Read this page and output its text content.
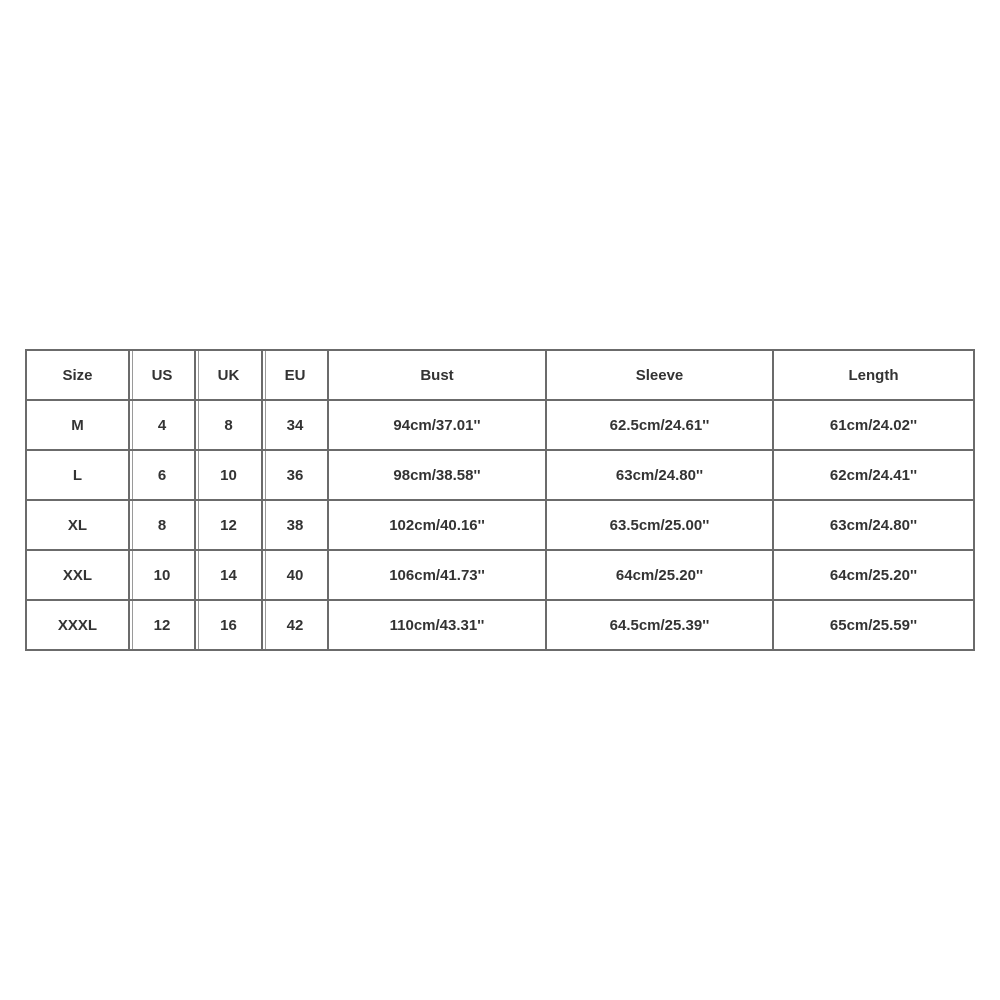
Size	US	UK	EU	Bust	Sleeve	Length
M	4	8	34	94cm/37.01''	62.5cm/24.61''	61cm/24.02''
L	6	10	36	98cm/38.58''	63cm/24.80''	62cm/24.41''
XL	8	12	38	102cm/40.16''	63.5cm/25.00''	63cm/24.80''
XXL	10	14	40	106cm/41.73''	64cm/25.20''	64cm/25.20''
XXXL	12	16	42	110cm/43.31''	64.5cm/25.39''	65cm/25.59''
